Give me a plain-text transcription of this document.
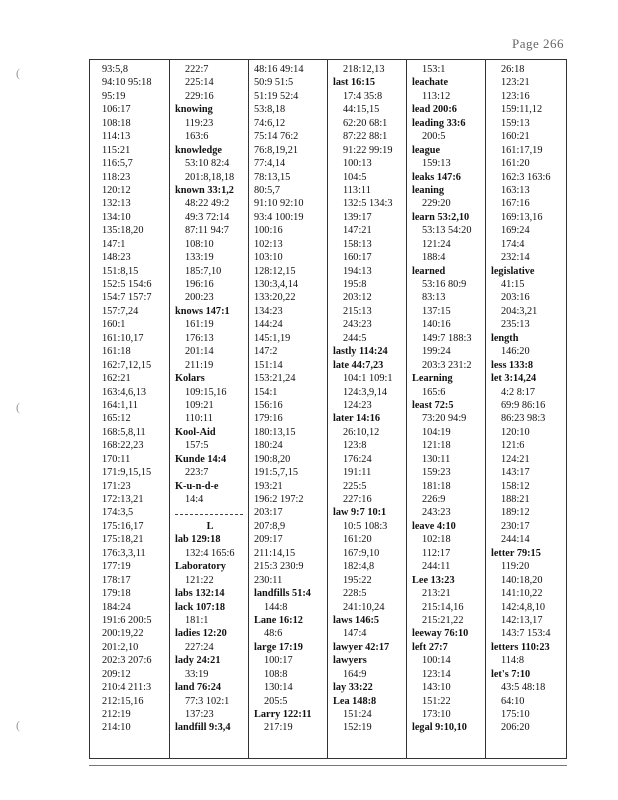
Page 266
(
(
(
93:5,8
94:10 95:18
95:19
106:17
108:18
114:13
115:21
116:5,7
118:23
120:12
132:13
134:10
135:18,20
147:1
148:23
151:8,15
152:5 154:6
154:7 157:7
157:7,24
160:1
161:10,17
161:18
162:7,12,15
162:21
163:4,6,13
164:1,11
165:12
168:5,8,11
168:22,23
170:11
171:9,15,15
171:23
172:13,21
174:3,5
175:16,17
175:18,21
176:3,3,11
177:19
178:17
179:18
184:24
191:6 200:5
200:19,22
201:2,10
202:3 207:6
209:12
210:4 211:3
212:15,16
212:19
214:10
222:7
225:14
229:16
knowing
119:23
163:6
knowledge
53:10 82:4
201:8,18,18
known 33:1,2
48:22 49:2
49:3 72:14
87:11 94:7
108:10
133:19
185:7,10
196:16
200:23
knows 147:1
161:19
176:13
201:14
211:19
Kolars
109:15,16
109:21
110:11
Kool-Aid
157:5
Kunde 14:4
223:7
K-u-n-d-e
14:4
L
lab 129:18
132:4 165:6
Laboratory
121:22
labs 132:14
lack 107:18
181:1
ladies 12:20
227:24
lady 24:21
33:19
land 76:24
77:3 102:1
137:23
landfill 9:3,4
48:16 49:14
50:9 51:5
51:19 52:4
53:8,18
74:6,12
75:14 76:2
76:8,19,21
77:4,14
78:13,15
80:5,7
91:10 92:10
93:4 100:19
100:16
102:13
103:10
128:12,15
130:3,4,14
133:20,22
134:23
144:24
145:1,19
147:2
151:14
153:21,24
154:1
156:16
179:16
180:13,15
180:24
190:8,20
191:5,7,15
193:21
196:2 197:2
203:17
207:8,9
209:17
211:14,15
215:3 230:9
230:11
landfills 51:4
144:8
Lane 16:12
48:6
large 17:19
100:17
108:8
130:14
205:5
Larry 122:11
217:19
218:12,13
last 16:15
17:4 35:8
44:15,15
62:20 68:1
87:22 88:1
91:22 99:19
100:13
104:5
113:11
132:5 134:3
139:17
147:21
158:13
160:17
194:13
195:8
203:12
215:13
243:23
244:5
lastly 114:24
late 44:7,23
104:1 109:1
124:3,9,14
124:23
later 14:16
26:10,12
123:8
176:24
191:11
225:5
227:16
law 9:7 10:1
10:5 108:3
161:20
167:9,10
182:4,8
195:22
228:5
241:10,24
laws 146:5
147:4
lawyer 42:17
lawyers
164:9
lay 33:22
Lea 148:8
151:24
152:19
153:1
leachate
113:12
lead 200:6
leading 33:6
200:5
league
159:13
leaks 147:6
leaning
229:20
learn 53:2,10
53:13 54:20
121:24
188:4
learned
53:16 80:9
83:13
137:15
140:16
149:7 188:3
199:24
203:3 231:2
Learning
165:6
least 72:5
73:20 94:9
104:19
121:18
130:11
159:23
181:18
226:9
243:23
leave 4:10
102:18
112:17
244:11
Lee 13:23
213:21
215:14,16
215:21,22
leeway 76:10
left 27:7
100:14
123:14
143:10
151:22
173:10
legal 9:10,10
26:18
123:21
123:16
159:11,12
159:13
160:21
161:17,19
161:20
162:3 163:6
163:13
167:16
169:13,16
169:24
174:4
232:14
legislative
41:15
203:16
204:3,21
235:13
length
146:20
less 133:8
let 3:14,24
4:2 8:17
69:9 86:16
86:23 98:3
120:10
121:6
124:21
143:17
158:12
188:21
189:12
230:17
244:14
letter 79:15
119:20
140:18,20
141:10,22
142:4,8,10
142:13,17
143:7 153:4
letters 110:23
114:8
let's 7:10
43:5 48:18
64:10
175:10
206:20
